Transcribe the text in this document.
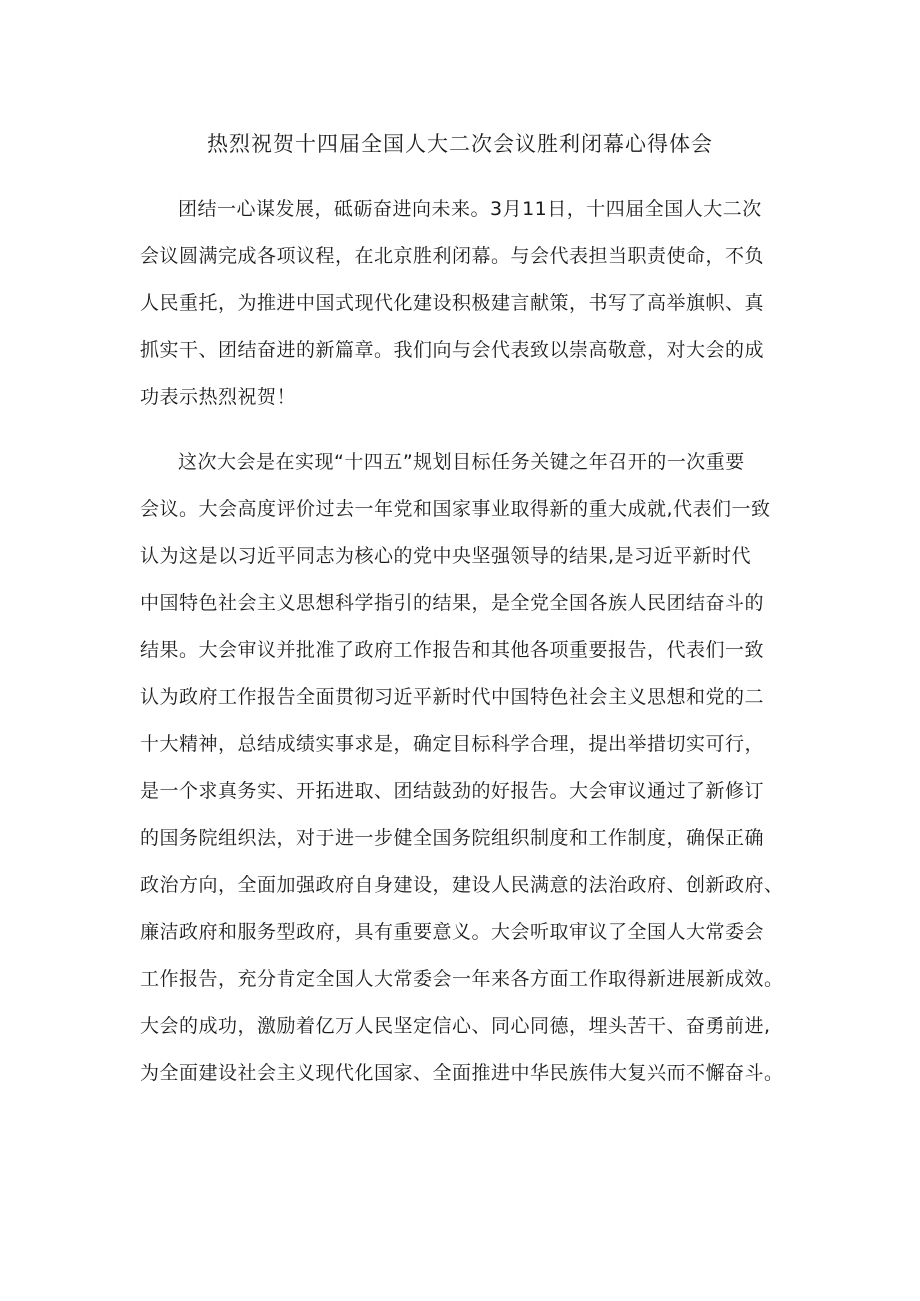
热烈祝贺十四届全国人大二次会议胜利闭幕心得体会
团结一心谋发展，砥砺奋进向未来。3月11日，十四届全国人大二次
会议圆满完成各项议程，在北京胜利闭幕。与会代表担当职责使命，不负
人民重托，为推进中国式现代化建设积极建言献策，书写了高举旗帜、真
抓实干、团结奋进的新篇章。我们向与会代表致以崇高敬意，对大会的成
功表示热烈祝贺！
这次大会是在实现“十四五”规划目标任务关键之年召开的一次重要
会议。大会高度评价过去一年党和国家事业取得新的重大成就,代表们一致
认为这是以习近平同志为核心的党中央坚强领导的结果,是习近平新时代
中国特色社会主义思想科学指引的结果，是全党全国各族人民团结奋斗的
结果。大会审议并批准了政府工作报告和其他各项重要报告，代表们一致
认为政府工作报告全面贯彻习近平新时代中国特色社会主义思想和党的二
十大精神，总结成绩实事求是，确定目标科学合理，提出举措切实可行，
是一个求真务实、开拓进取、团结鼓劲的好报告。大会审议通过了新修订
的国务院组织法，对于进一步健全国务院组织制度和工作制度，确保正确
政治方向，全面加强政府自身建设，建设人民满意的法治政府、创新政府、
廉洁政府和服务型政府，具有重要意义。大会听取审议了全国人大常委会
工作报告，充分肯定全国人大常委会一年来各方面工作取得新进展新成效。
大会的成功，激励着亿万人民坚定信心、同心同德，埋头苦干、奋勇前进,
为全面建设社会主义现代化国家、全面推进中华民族伟大复兴而不懈奋斗。
